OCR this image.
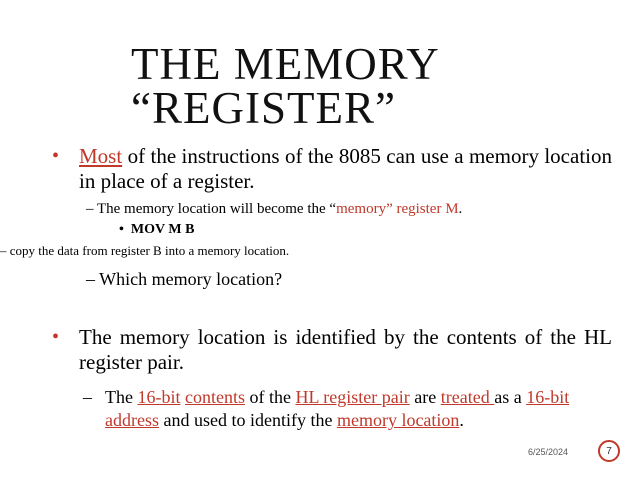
THE MEMORY
“REGISTER”
• Most of the instructions of the 8085 can use a memory location in place of a register.
– The memory location will become the “memory” register M.
• MOV M B
– copy the data from register B into a memory location.
– Which memory location?
• The memory location is identified by the contents of the HL register pair.
– The 16-bit contents of the HL register pair are treated as a 16-bit address and used to identify the memory location.
6/25/2024	7
